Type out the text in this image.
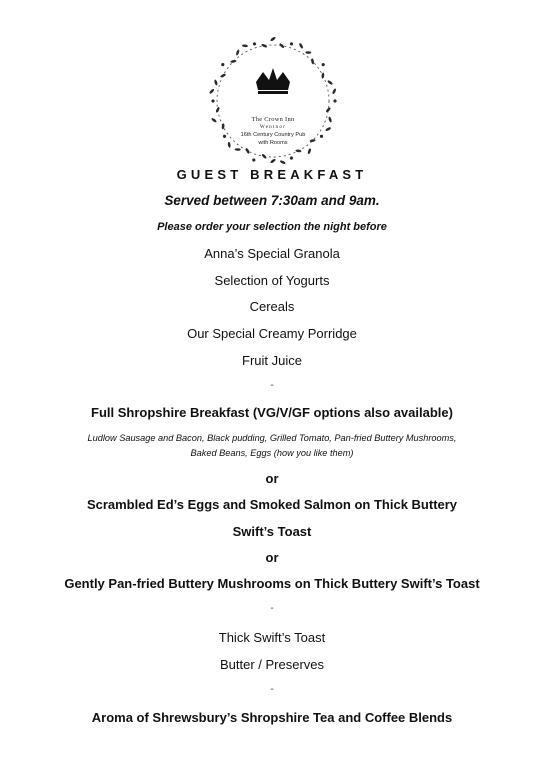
The Crown Inn
Wentnor
16th Century Country Pub
with Rooms
GUEST BREAKFAST
Served between 7:30am and 9am.
Please order your selection the night before
Anna’s Special Granola
Selection of Yogurts
Cereals
Our Special Creamy Porridge
Fruit Juice
-
Full Shropshire Breakfast (VG/V/GF options also available)
Ludlow Sausage and Bacon, Black pudding, Grilled Tomato, Pan-fried Buttery Mushrooms,
Baked Beans, Eggs (how you like them)
or
Scrambled Ed’s Eggs and Smoked Salmon on Thick Buttery
Swift’s Toast
or
Gently Pan-fried Buttery Mushrooms on Thick Buttery Swift’s Toast
-
Thick Swift’s Toast
Butter / Preserves
-
Aroma of Shrewsbury’s Shropshire Tea and Coffee Blends
